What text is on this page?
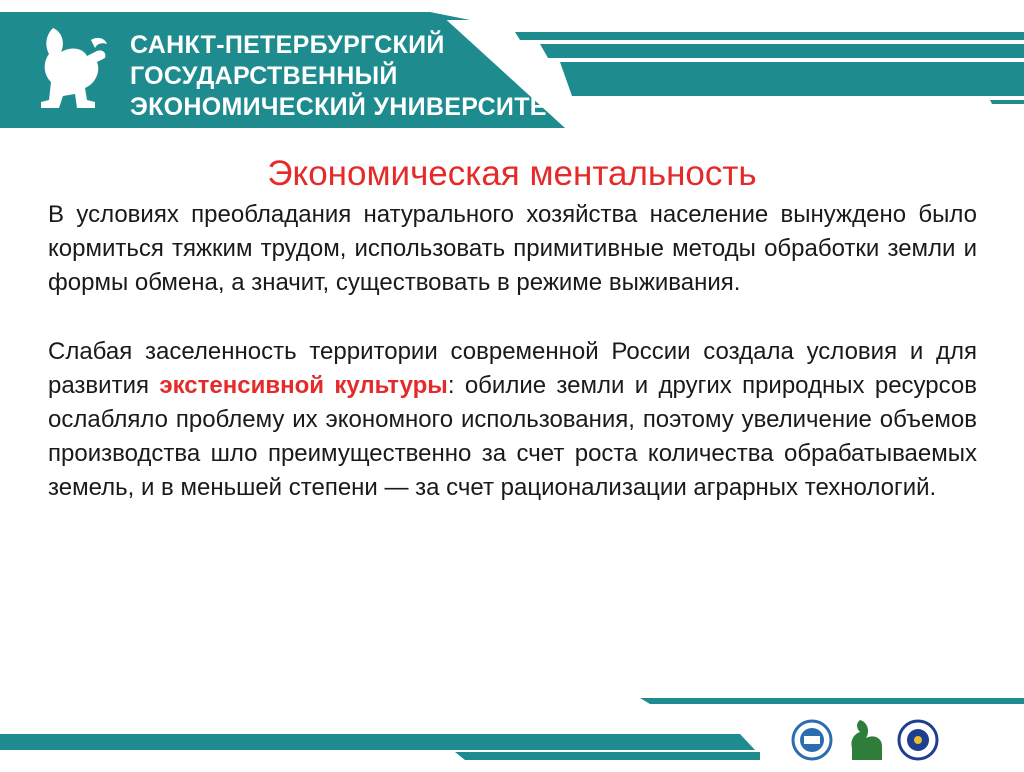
САНКТ-ПЕТЕРБУРГСКИЙ
ГОСУДАРСТВЕННЫЙ
ЭКОНОМИЧЕСКИЙ УНИВЕРСИТЕТ
Экономическая ментальность

В условиях преобладания натурального хозяйства население вынуждено было кормиться тяжким трудом, использовать примитивные методы обработки земли и формы обмена, а значит, существовать в режиме выживания.

Слабая заселенность территории современной России создала условия и для развития экстенсивной культуры: обилие земли и других природных ресурсов ослабляло проблему их экономного использования, поэтому увеличение объемов производства шло преимущественно за счет роста количества обрабатываемых земель, и в меньшей степени — за счет рационализации аграрных технологий.
